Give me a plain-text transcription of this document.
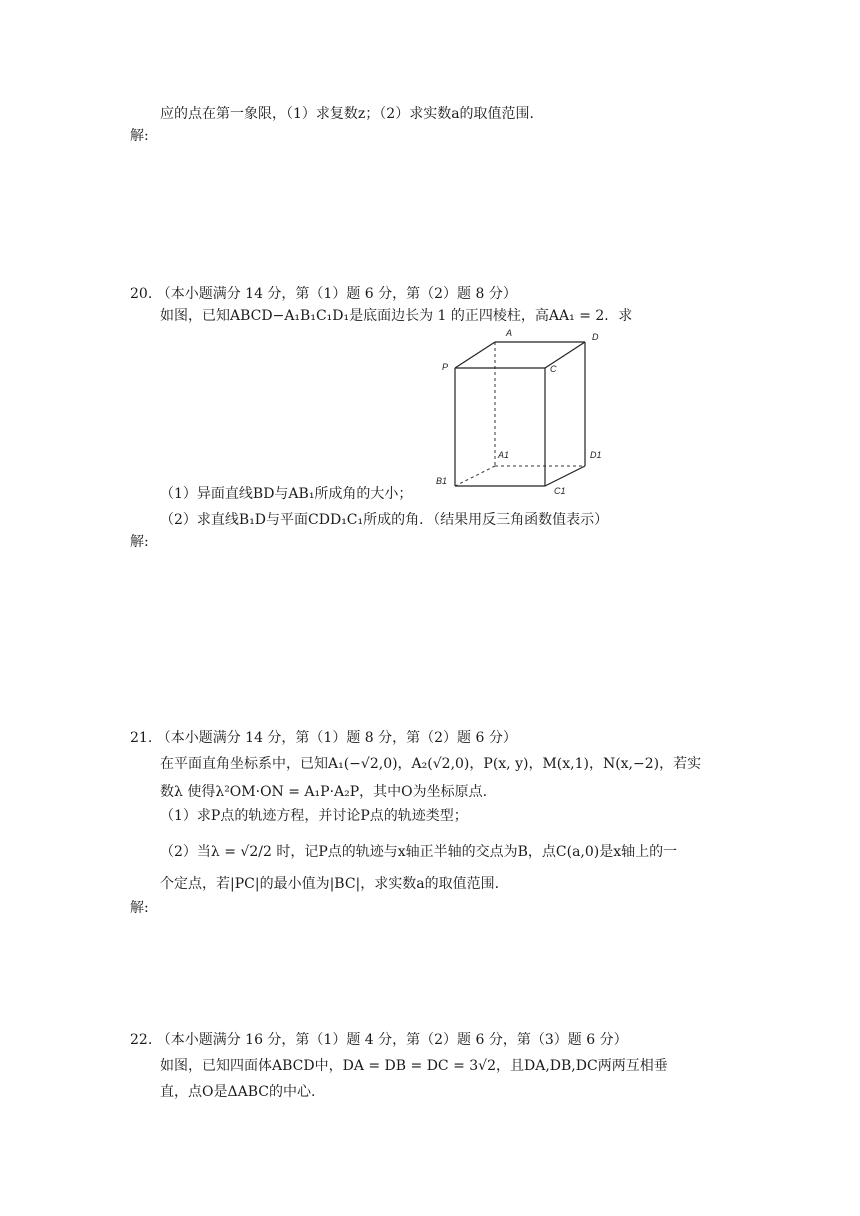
应的点在第一象限，（1）求复数z；（2）求实数a的取值范围.
解:
20. （本小题满分 14 分，第（1）题 6 分，第（2）题 8 分）
如图，已知ABCD−A₁B₁C₁D₁是底面边长为 1 的正四棱柱，高AA₁ = 2．求
A	D
P	C
A1	D1
B1
C1
（1）异面直线BD与AB₁所成角的大小；
（2）求直线B₁D与平面CDD₁C₁所成的角．（结果用反三角函数值表示）
解:
21. （本小题满分 14 分，第（1）题 8 分，第（2）题 6 分）
在平面直角坐标系中，已知A₁(−√2,0)，A₂(√2,0)，P(x, y)，M(x,1)，N(x,−2)，若实
数λ 使得λ²OM·ON = A₁P·A₂P，其中O为坐标原点.
（1）求P点的轨迹方程，并讨论P点的轨迹类型；
（2）当λ = √2/2 时，记P点的轨迹与x轴正半轴的交点为B，点C(a,0)是x轴上的一
个定点，若|PC|的最小值为|BC|，求实数a的取值范围.
解:
22. （本小题满分 16 分，第（1）题 4 分，第（2）题 6 分，第（3）题 6 分）
如图，已知四面体ABCD中，DA = DB = DC = 3√2，且DA,DB,DC两两互相垂
直，点O是ΔABC的中心.
